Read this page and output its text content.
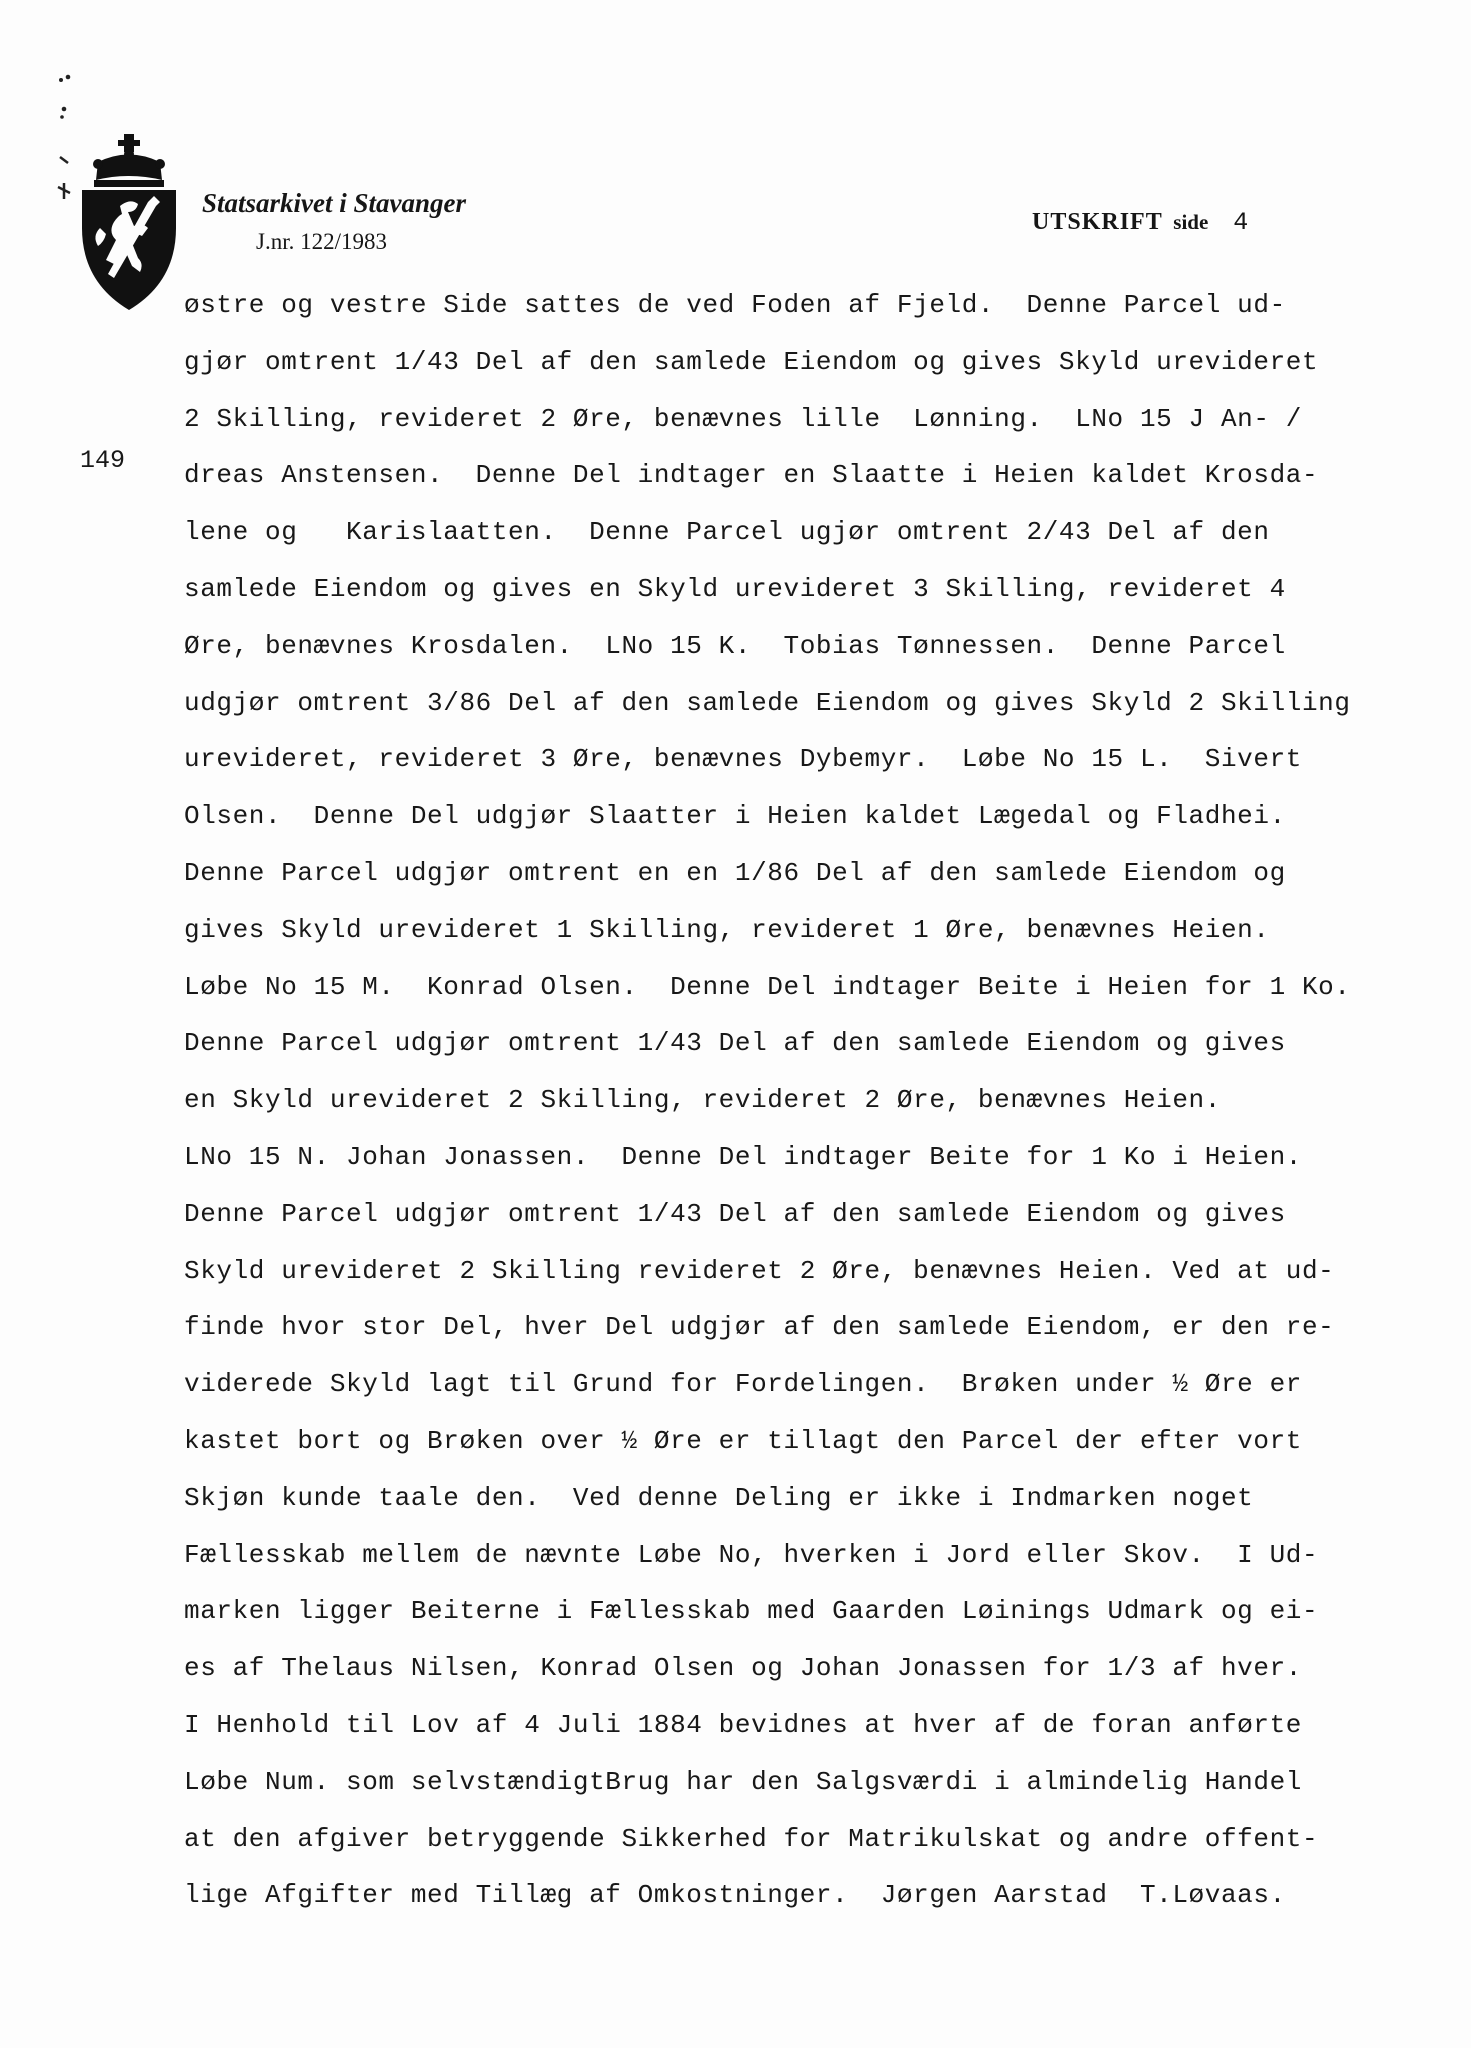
Statsarkivet i Stavanger
J.nr. 122/1983
UTSKRIFT side 4
149
østre og vestre Side sattes de ved Foden af Fjeld.  Denne Parcel ud-
gjør omtrent 1/43 Del af den samlede Eiendom og gives Skyld urevideret
2 Skilling, revideret 2 Øre, benævnes lille  Lønning.  LNo 15 J An- /
dreas Anstensen.  Denne Del indtager en Slaatte i Heien kaldet Krosda-
lene og   Karislaatten.  Denne Parcel ugjør omtrent 2/43 Del af den
samlede Eiendom og gives en Skyld urevideret 3 Skilling, revideret 4
Øre, benævnes Krosdalen.  LNo 15 K.  Tobias Tønnessen.  Denne Parcel
udgjør omtrent 3/86 Del af den samlede Eiendom og gives Skyld 2 Skilling
urevideret, revideret 3 Øre, benævnes Dybemyr.  Løbe No 15 L.  Sivert
Olsen.  Denne Del udgjør Slaatter i Heien kaldet Lægedal og Fladhei.
Denne Parcel udgjør omtrent en en 1/86 Del af den samlede Eiendom og
gives Skyld urevideret 1 Skilling, revideret 1 Øre, benævnes Heien.
Løbe No 15 M.  Konrad Olsen.  Denne Del indtager Beite i Heien for 1 Ko.
Denne Parcel udgjør omtrent 1/43 Del af den samlede Eiendom og gives
en Skyld urevideret 2 Skilling, revideret 2 Øre, benævnes Heien.
LNo 15 N. Johan Jonassen.  Denne Del indtager Beite for 1 Ko i Heien.
Denne Parcel udgjør omtrent 1/43 Del af den samlede Eiendom og gives
Skyld urevideret 2 Skilling revideret 2 Øre, benævnes Heien. Ved at ud-
finde hvor stor Del, hver Del udgjør af den samlede Eiendom, er den re-
viderede Skyld lagt til Grund for Fordelingen.  Brøken under ½ Øre er
kastet bort og Brøken over ½ Øre er tillagt den Parcel der efter vort
Skjøn kunde taale den.  Ved denne Deling er ikke i Indmarken noget
Fællesskab mellem de nævnte Løbe No, hverken i Jord eller Skov.  I Ud-
marken ligger Beiterne i Fællesskab med Gaarden Løinings Udmark og ei-
es af Thelaus Nilsen, Konrad Olsen og Johan Jonassen for 1/3 af hver.
I Henhold til Lov af 4 Juli 1884 bevidnes at hver af de foran anførte
Løbe Num. som selvstændigtBrug har den Salgsværdi i almindelig Handel
at den afgiver betryggende Sikkerhed for Matrikulskat og andre offent-
lige Afgifter med Tillæg af Omkostninger.  Jørgen Aarstad  T.Løvaas.
